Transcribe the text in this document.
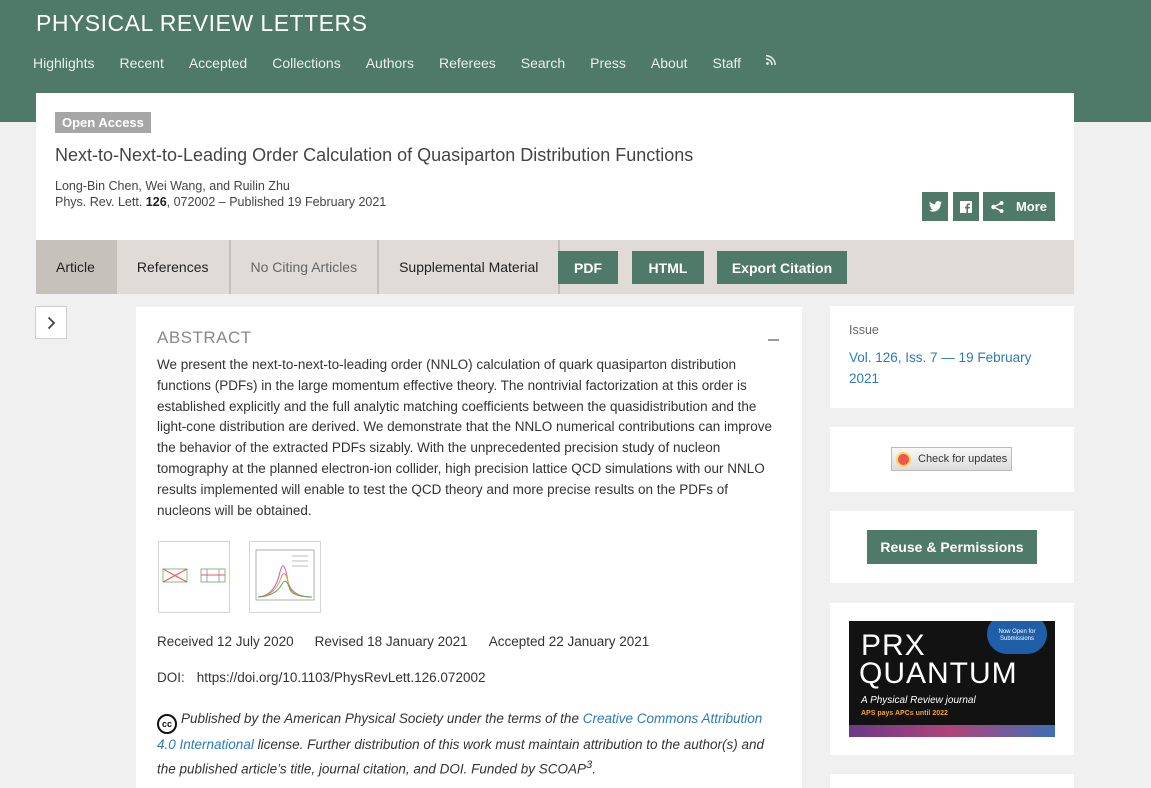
PHYSICAL REVIEW LETTERS
Highlights Recent Accepted Collections Authors Referees Search Press About Staff
Open Access
Next-to-Next-to-Leading Order Calculation of Quasiparton Distribution Functions
Long-Bin Chen, Wei Wang, and Ruilin Zhu
Phys. Rev. Lett. 126, 072002 – Published 19 February 2021	More
Article	References	No Citing Articles	Supplemental Material	PDF	HTML	Export Citation
ABSTRACT
We present the next-to-next-to-leading order (NNLO) calculation of quark quasiparton distribution functions (PDFs) in the large momentum effective theory. The nontrivial factorization at this order is established explicitly and the full analytic matching coefficients between the quasidistribution and the light-cone distribution are derived. We demonstrate that the NNLO numerical contributions can improve the behavior of the extracted PDFs sizably. With the unprecedented precision study of nucleon tomography at the planned electron-ion collider, high precision lattice QCD simulations with our NNLO results implemented will enable to test the QCD theory and more precise results on the PDFs of nucleons will be obtained.
Received 12 July 2020 Revised 18 January 2021 Accepted 22 January 2021
DOI: https://doi.org/10.1103/PhysRevLett.126.072002
cc Published by the American Physical Society under the terms of the Creative Commons Attribution 4.0 International license. Further distribution of this work must maintain attribution to the author(s) and the published article’s title, journal citation, and DOI. Funded by SCOAP$^3$.
Issue
Vol. 126, Iss. 7 — 19 February 2021
Check for updates
Reuse & Permissions
PRX
QUANTUM
A Physical Review journal
APS pays APCs until 2022
Now Open for Submissions
